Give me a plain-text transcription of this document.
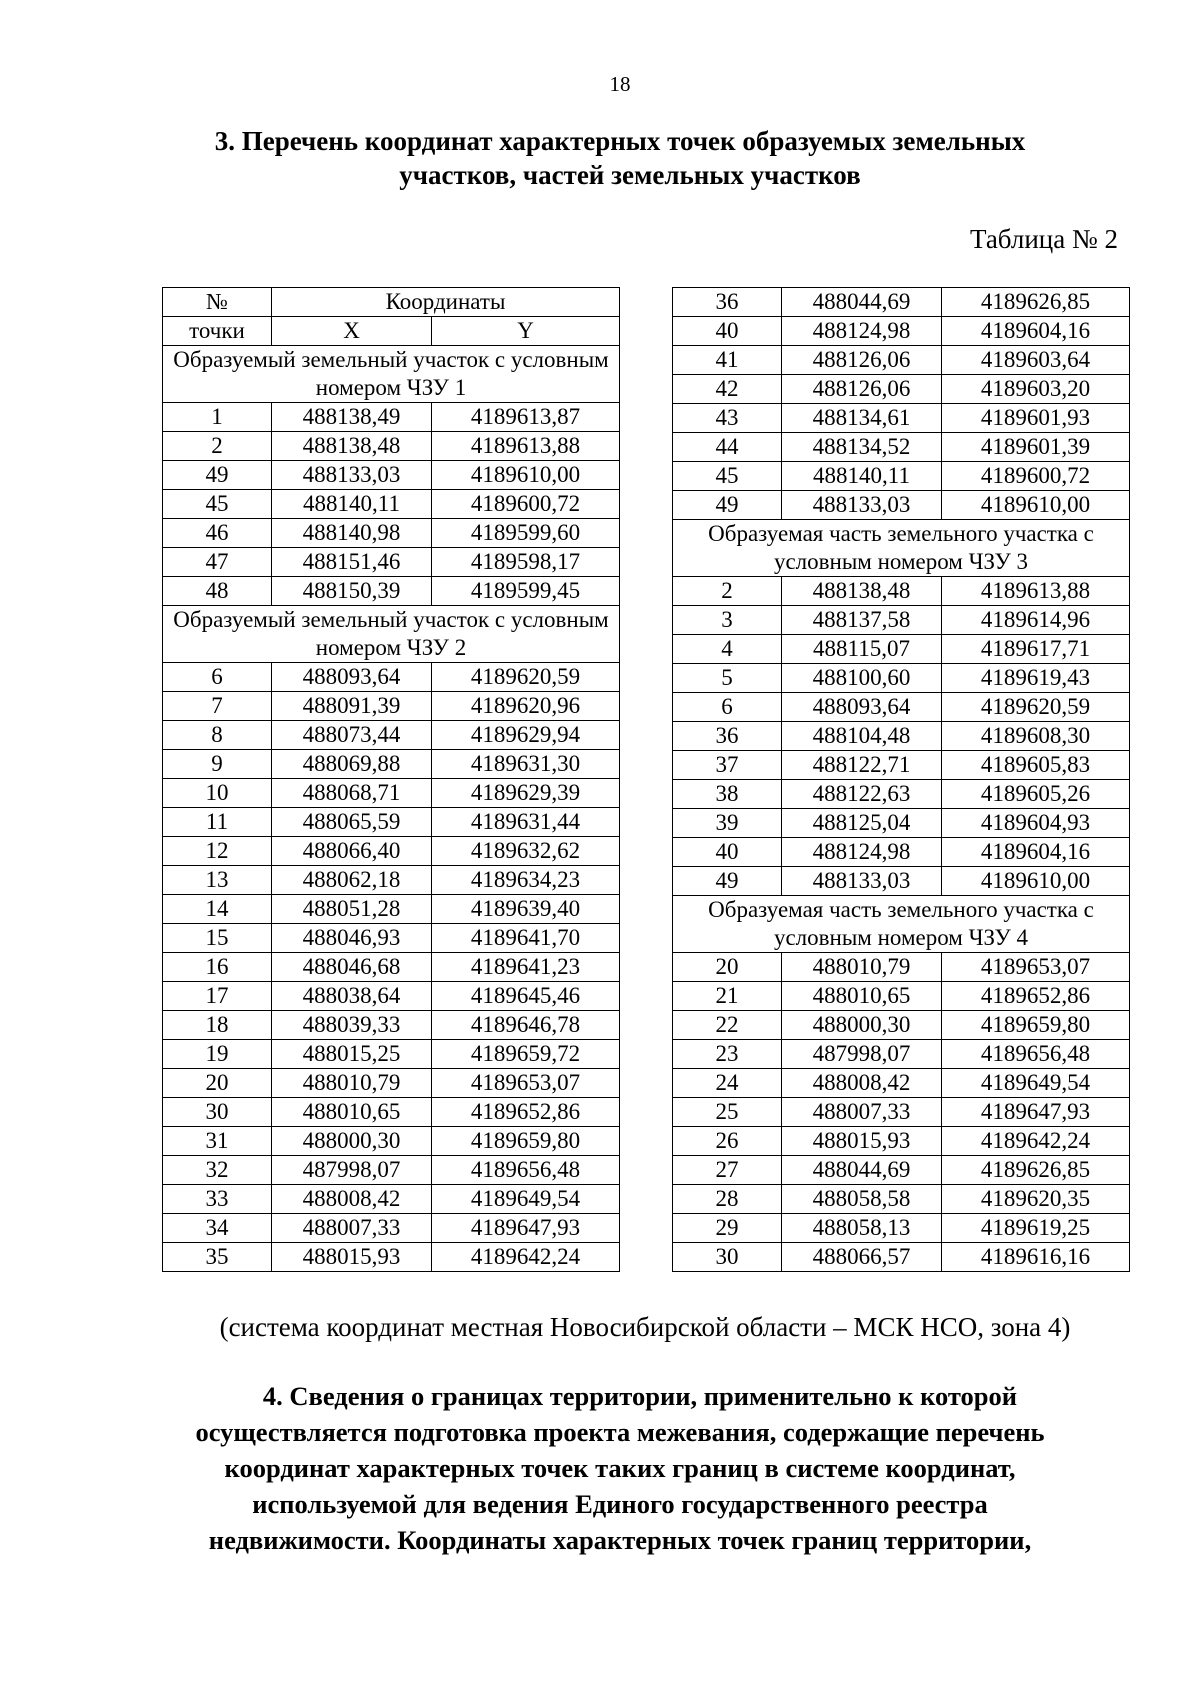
18
3. Перечень координат характерных точек образуемых земельных
участков, частей земельных участков
Таблица № 2
№	Координаты	
точки	X	Y
Образуемый земельный участок с условным номером ЧЗУ 1		
1	488138,49	4189613,87
2	488138,48	4189613,88
49	488133,03	4189610,00
45	488140,11	4189600,72
46	488140,98	4189599,60
47	488151,46	4189598,17
48	488150,39	4189599,45
Образуемый земельный участок с условным номером ЧЗУ 2		
6	488093,64	4189620,59
7	488091,39	4189620,96
8	488073,44	4189629,94
9	488069,88	4189631,30
10	488068,71	4189629,39
11	488065,59	4189631,44
12	488066,40	4189632,62
13	488062,18	4189634,23
14	488051,28	4189639,40
15	488046,93	4189641,70
16	488046,68	4189641,23
17	488038,64	4189645,46
18	488039,33	4189646,78
19	488015,25	4189659,72
20	488010,79	4189653,07
30	488010,65	4189652,86
31	488000,30	4189659,80
32	487998,07	4189656,48
33	488008,42	4189649,54
34	488007,33	4189647,93
35	488015,93	4189642,24
36	488044,69	4189626,85
40	488124,98	4189604,16
41	488126,06	4189603,64
42	488126,06	4189603,20
43	488134,61	4189601,93
44	488134,52	4189601,39
45	488140,11	4189600,72
49	488133,03	4189610,00
Образуемая часть земельного участка с условным номером ЧЗУ 3		
2	488138,48	4189613,88
3	488137,58	4189614,96
4	488115,07	4189617,71
5	488100,60	4189619,43
6	488093,64	4189620,59
36	488104,48	4189608,30
37	488122,71	4189605,83
38	488122,63	4189605,26
39	488125,04	4189604,93
40	488124,98	4189604,16
49	488133,03	4189610,00
Образуемая часть земельного участка с условным номером ЧЗУ 4		
20	488010,79	4189653,07
21	488010,65	4189652,86
22	488000,30	4189659,80
23	487998,07	4189656,48
24	488008,42	4189649,54
25	488007,33	4189647,93
26	488015,93	4189642,24
27	488044,69	4189626,85
28	488058,58	4189620,35
29	488058,13	4189619,25
30	488066,57	4189616,16
(система координат местная Новосибирской области – МСК НСО, зона 4)
4. Сведения о границах территории, применительно к которой
осуществляется подготовка проекта межевания, содержащие перечень
координат характерных точек таких границ в системе координат,
используемой для ведения Единого государственного реестра
недвижимости. Координаты характерных точек границ территории,
